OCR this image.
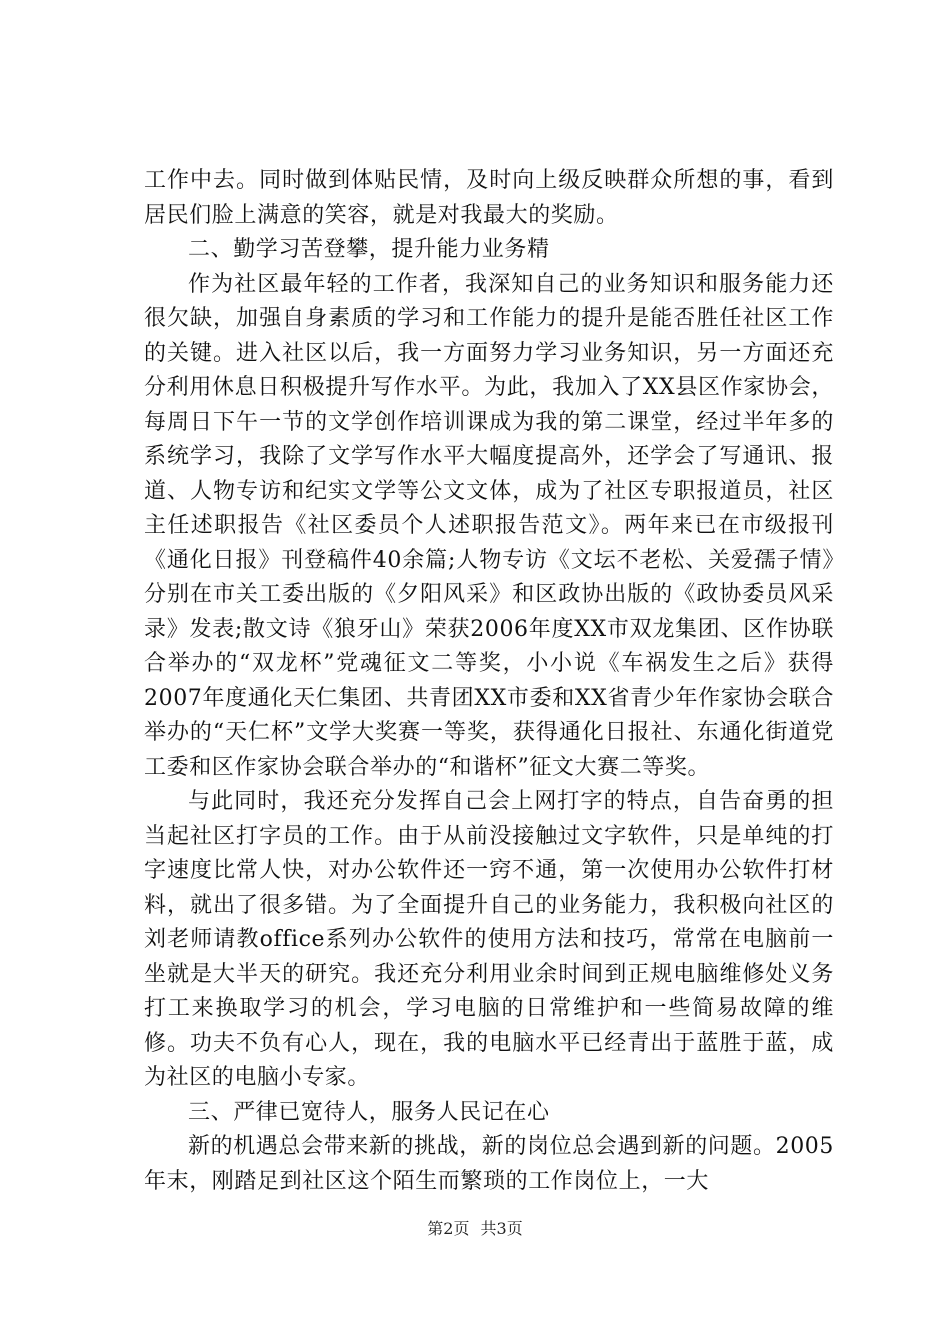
工作中去。同时做到体贴民情，及时向上级反映群众所想的事，看到居民们脸上满意的笑容，就是对我最大的奖励。

二、勤学习苦登攀，提升能力业务精

作为社区最年轻的工作者，我深知自己的业务知识和服务能力还很欠缺，加强自身素质的学习和工作能力的提升是能否胜任社区工作的关键。进入社区以后，我一方面努力学习业务知识，另一方面还充分利用休息日积极提升写作水平。为此，我加入了XX县区作家协会，每周日下午一节的文学创作培训课成为我的第二课堂，经过半年多的系统学习，我除了文学写作水平大幅度提高外，还学会了写通讯、报道、人物专访和纪实文学等公文文体，成为了社区专职报道员，社区主任述职报告《社区委员个人述职报告范文》。两年来已在市级报刊《通化日报》刊登稿件40余篇;人物专访《文坛不老松、关爱孺子情》分别在市关工委出版的《夕阳风采》和区政协出版的《政协委员风采录》发表;散文诗《狼牙山》荣获2006年度XX市双龙集团、区作协联合举办的“双龙杯”党魂征文二等奖，小小说《车祸发生之后》获得2007年度通化天仁集团、共青团XX市委和XX省青少年作家协会联合举办的“天仁杯”文学大奖赛一等奖，获得通化日报社、东通化街道党工委和区作家协会联合举办的“和谐杯”征文大赛二等奖。

与此同时，我还充分发挥自己会上网打字的特点，自告奋勇的担当起社区打字员的工作。由于从前没接触过文字软件，只是单纯的打字速度比常人快，对办公软件还一窍不通，第一次使用办公软件打材料，就出了很多错。为了全面提升自己的业务能力，我积极向社区的刘老师请教office系列办公软件的使用方法和技巧，常常在电脑前一坐就是大半天的研究。我还充分利用业余时间到正规电脑维修处义务打工来换取学习的机会，学习电脑的日常维护和一些简易故障的维修。功夫不负有心人，现在，我的电脑水平已经青出于蓝胜于蓝，成为社区的电脑小专家。

三、严律已宽待人，服务人民记在心

新的机遇总会带来新的挑战，新的岗位总会遇到新的问题。2005年末，刚踏足到社区这个陌生而繁琐的工作岗位上，一大

第2页 共3页
